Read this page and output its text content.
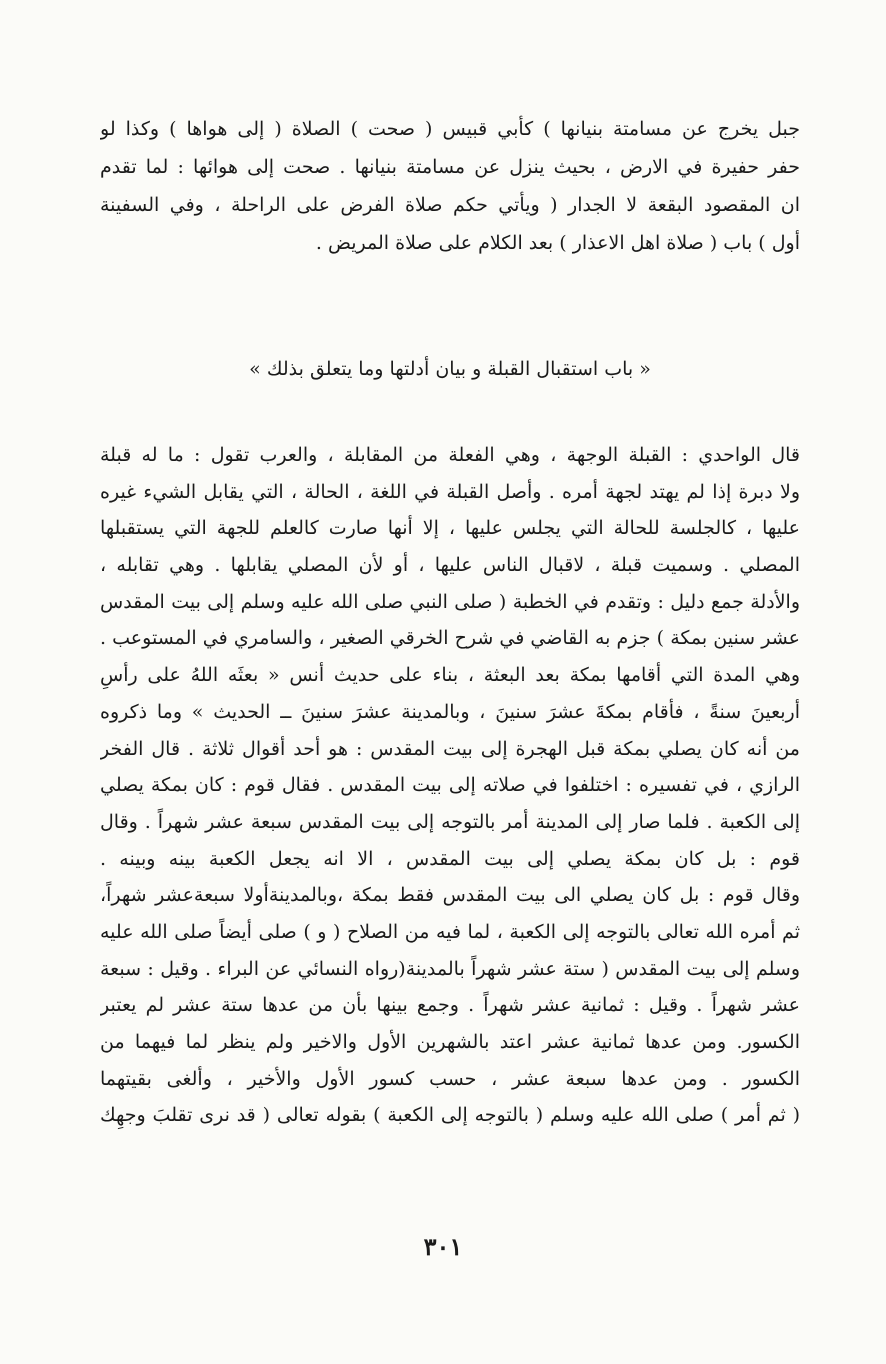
جبل يخرج عن مسامتة بنيانها ) كأبي قبيس ( صحت ) الصلاة ( إلى هواها ) وكذا لو
حفر حفيرة في الارض ، بحيث ينزل عن مسامتة بنيانها . صحت إلى هوائها : لما تقدم
ان المقصود البقعة لا الجدار ( ويأتي حكم صلاة الفرض على الراحلة ، وفي السفينة
أول ) باب ( صلاة اهل الاعذار ) بعد الكلام على صلاة المريض .
« باب استقبال القبلة و بيان أدلتها وما يتعلق بذلك »
قال الواحدي : القبلة الوجهة ، وهي الفعلة من المقابلة ، والعرب تقول : ما له قبلة
ولا دبرة إذا لم يهتد لجهة أمره . وأصل القبلة في اللغة ، الحالة ، التي يقابل الشيء غيره
عليها ، كالجلسة للحالة التي يجلس عليها ، إلا أنها صارت كالعلم للجهة التي يستقبلها
المصلي . وسميت قبلة ، لاقبال الناس عليها ، أو لأن المصلي يقابلها . وهي تقابله ،
والأدلة جمع دليل : وتقدم في الخطبة ( صلى النبي صلى الله عليه وسلم إلى بيت المقدس
عشر سنين بمكة ) جزم به القاضي في شرح الخرقي الصغير ، والسامري في المستوعب .
وهي المدة التي أقامها بمكة بعد البعثة ، بناء على حديث أنس « بعثَه اللهُ على رأسِ
أربعينَ سنةً ، فأقام بمكةَ عشرَ سنينَ ، وبالمدينة عشرَ سنينَ ــ الحديث » وما ذكروه
من أنه كان يصلي بمكة قبل الهجرة إلى بيت المقدس : هو أحد أقوال ثلاثة . قال الفخر
الرازي ، في تفسيره : اختلفوا في صلاته إلى بيت المقدس . فقال قوم : كان بمكة يصلي
إلى الكعبة . فلما صار إلى المدينة أمر بالتوجه إلى بيت المقدس سبعة عشر شهراً . وقال
قوم : بل كان بمكة يصلي إلى بيت المقدس ، الا انه يجعل الكعبة بينه وبينه .
وقال قوم : بل كان يصلي الى بيت المقدس فقط بمكة ،وبالمدينةأولا سبعةعشر شهراً،
ثم أمره الله تعالى بالتوجه إلى الكعبة ، لما فيه من الصلاح ( و ) صلى أيضاً صلى الله عليه
وسلم إلى بيت المقدس ( ستة عشر شهراً بالمدينة(رواه النسائي عن البراء . وقيل : سبعة
عشر شهراً . وقيل : ثمانية عشر شهراً . وجمع بينها بأن من عدها ستة عشر لم يعتبر
الكسور. ومن عدها ثمانية عشر اعتد بالشهرين الأول والاخير ولم ينظر لما فيهما من
الكسور . ومن عدها سبعة عشر ، حسب كسور الأول والأخير ، وألغى بقيتهما
( ثم أمر ) صلى الله عليه وسلم ( بالتوجه إلى الكعبة ) بقوله تعالى ( قد نرى تقلبَ وجهِك
٣٠١
